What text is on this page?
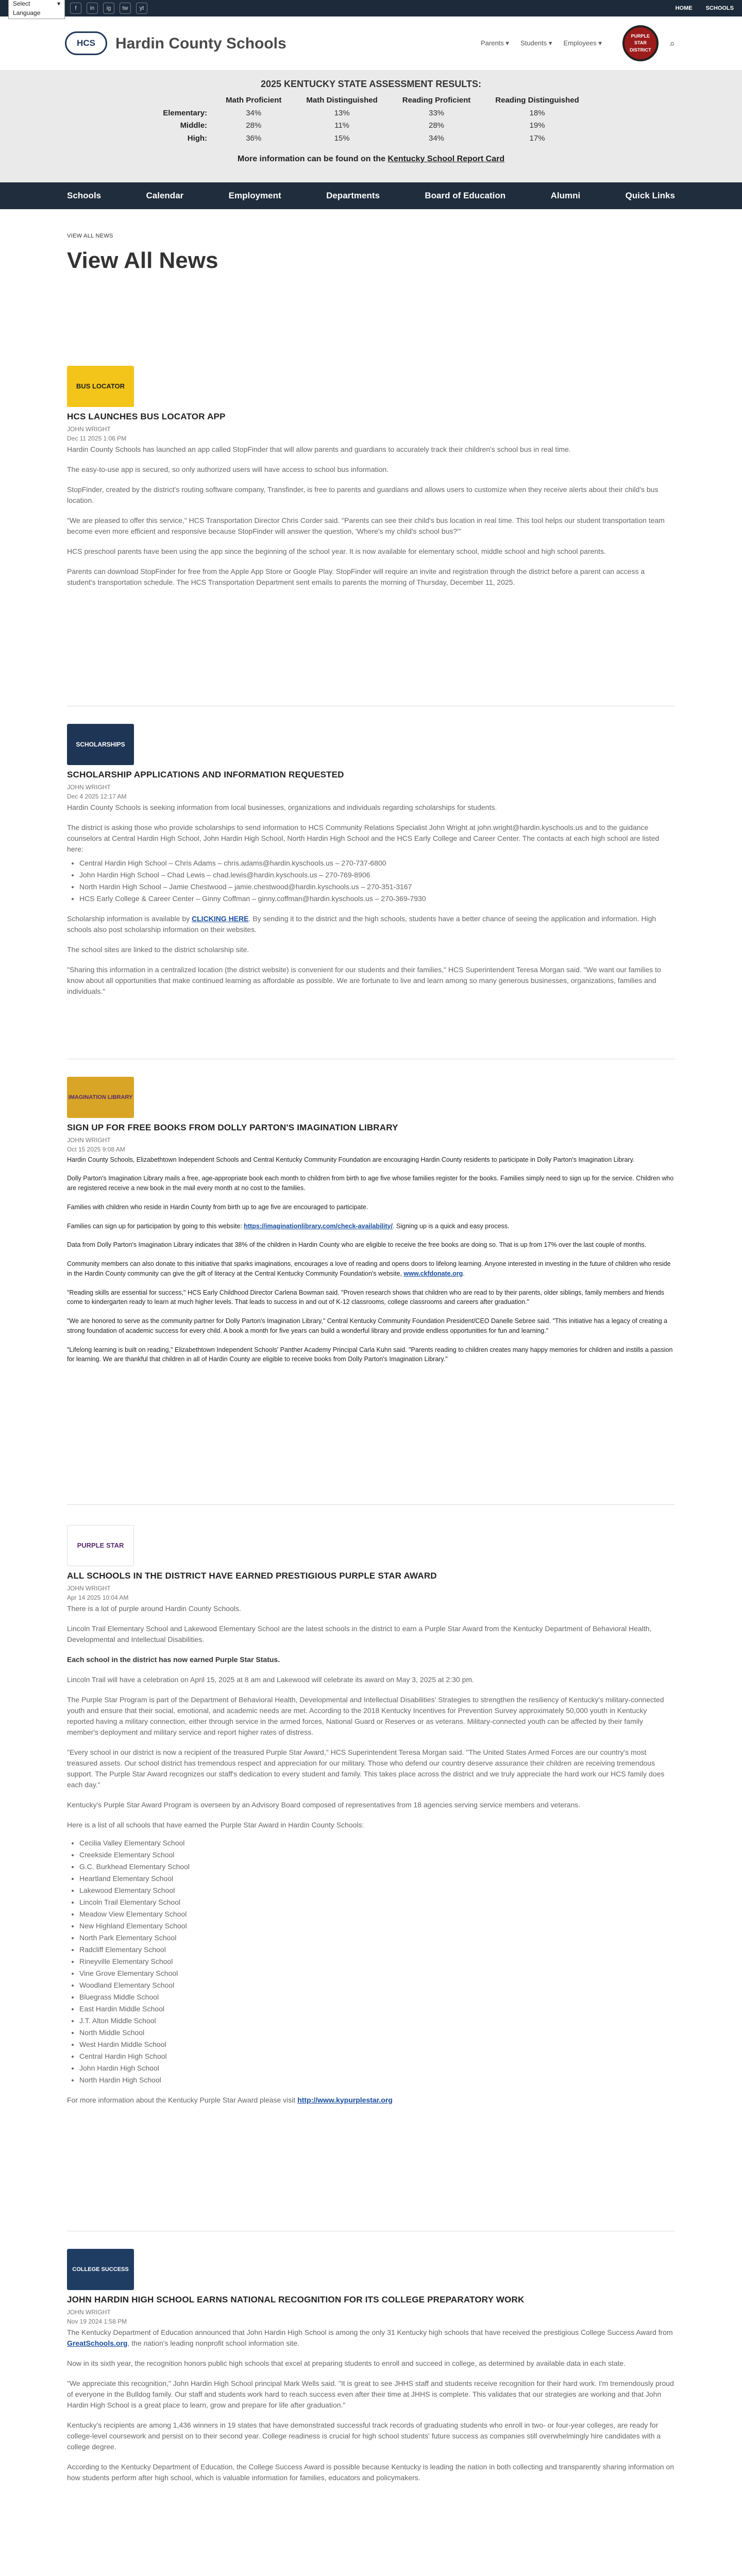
Select Language
▾
f	in	ig	tw	yt	HOME SCHOOLS
HCS	Hardin County Schools	Parents ▾ Students ▾ Employees ▾
PURPLE STAR DISTRICT
⌕
2025 KENTUCKY STATE ASSESSMENT RESULTS:
	Math Proficient	Math Distinguished	Reading Proficient	Reading Distinguished
Elementary:	34%	13%	33%	18%
Middle:	28%	11%	28%	19%
High:	36%	15%	34%	17%
More information can be found on the Kentucky School Report Card
Schools	Calendar	Employment	Departments	Board of Education	Alumni	Quick Links
VIEW ALL NEWS
View All News
BUS LOCATOR
HCS LAUNCHES BUS LOCATOR APP
JOHN WRIGHT
Dec 11 2025 1:06 PM

Hardin County Schools has launched an app called StopFinder that will allow parents and guardians to accurately track their children's school bus in real time.

The easy-to-use app is secured, so only authorized users will have access to school bus information.

StopFinder, created by the district's routing software company, Transfinder, is free to parents and guardians and allows users to customize when they receive alerts about their child's bus location.

"We are pleased to offer this service," HCS Transportation Director Chris Corder said. "Parents can see their child's bus location in real time. This tool helps our student transportation team become even more efficient and responsive because StopFinder will answer the question, 'Where's my child's school bus?'"

HCS preschool parents have been using the app since the beginning of the school year. It is now available for elementary school, middle school and high school parents.

Parents can download StopFinder for free from the Apple App Store or Google Play. StopFinder will require an invite and registration through the district before a parent can access a student's transportation schedule. The HCS Transportation Department sent emails to parents the morning of Thursday, December 11, 2025.

SCHOLARSHIPS
SCHOLARSHIP APPLICATIONS AND INFORMATION REQUESTED
JOHN WRIGHT
Dec 4 2025 12:17 AM

Hardin County Schools is seeking information from local businesses, organizations and individuals regarding scholarships for students.

The district is asking those who provide scholarships to send information to HCS Community Relations Specialist John Wright at john.wright@hardin.kyschools.us and to the guidance counselors at Central Hardin High School, John Hardin High School, North Hardin High School and the HCS Early College and Career Center. The contacts at each high school are listed here:

• Central Hardin High School – Chris Adams – chris.adams@hardin.kyschools.us – 270-737-6800
• John Hardin High School – Chad Lewis – chad.lewis@hardin.kyschools.us – 270-769-8906
• North Hardin High School – Jamie Chestwood – jamie.chestwood@hardin.kyschools.us – 270-351-3167
• HCS Early College & Career Center – Ginny Coffman – ginny.coffman@hardin.kyschools.us – 270-369-7930

Scholarship information is available by CLICKING HERE. By sending it to the district and the high schools, students have a better chance of seeing the application and information. High schools also post scholarship information on their websites.

The school sites are linked to the district scholarship site.

"Sharing this information in a centralized location (the district website) is convenient for our students and their families," HCS Superintendent Teresa Morgan said. "We want our families to know about all opportunities that make continued learning as affordable as possible. We are fortunate to live and learn among so many generous businesses, organizations, families and individuals."

IMAGINATION LIBRARY
SIGN UP FOR FREE BOOKS FROM DOLLY PARTON'S IMAGINATION LIBRARY
JOHN WRIGHT
Oct 15 2025 9:08 AM

Hardin County Schools, Elizabethtown Independent Schools and Central Kentucky Community Foundation are encouraging Hardin County residents to participate in Dolly Parton's Imagination Library.

Dolly Parton's Imagination Library mails a free, age-appropriate book each month to children from birth to age five whose families register for the books. Families simply need to sign up for the service. Children who are registered receive a new book in the mail every month at no cost to the families.

Families with children who reside in Hardin County from birth up to age five are encouraged to participate.

Families can sign up for participation by going to this website: https://imaginationlibrary.com/check-availability/. Signing up is a quick and easy process.

Data from Dolly Parton's Imagination Library indicates that 38% of the children in Hardin County who are eligible to receive the free books are doing so. That is up from 17% over the last couple of months.

Community members can also donate to this initiative that sparks imaginations, encourages a love of reading and opens doors to lifelong learning. Anyone interested in investing in the future of children who reside in the Hardin County community can give the gift of literacy at the Central Kentucky Community Foundation's website, www.ckfdonate.org.

"Reading skills are essential for success," HCS Early Childhood Director Carlena Bowman said. "Proven research shows that children who are read to by their parents, older siblings, family members and friends come to kindergarten ready to learn at much higher levels. That leads to success in and out of K-12 classrooms, college classrooms and careers after graduation."

"We are honored to serve as the community partner for Dolly Parton's Imagination Library," Central Kentucky Community Foundation President/CEO Danelle Sebree said. "This initiative has a legacy of creating a strong foundation of academic success for every child. A book a month for five years can build a wonderful library and provide endless opportunities for fun and learning."

"Lifelong learning is built on reading," Elizabethtown Independent Schools' Panther Academy Principal Carla Kuhn said. "Parents reading to children creates many happy memories for children and instills a passion for learning. We are thankful that children in all of Hardin County are eligible to receive books from Dolly Parton's Imagination Library."

PURPLE STAR
ALL SCHOOLS IN THE DISTRICT HAVE EARNED PRESTIGIOUS PURPLE STAR AWARD
JOHN WRIGHT
Apr 14 2025 10:04 AM

There is a lot of purple around Hardin County Schools.

Lincoln Trail Elementary School and Lakewood Elementary School are the latest schools in the district to earn a Purple Star Award from the Kentucky Department of Behavioral Health, Developmental and Intellectual Disabilities.

Each school in the district has now earned Purple Star Status.

Lincoln Trail will have a celebration on April 15, 2025 at 8 am and Lakewood will celebrate its award on May 3, 2025 at 2:30 pm.

The Purple Star Program is part of the Department of Behavioral Health, Developmental and Intellectual Disabilities' Strategies to strengthen the resiliency of Kentucky's military-connected youth and ensure that their social, emotional, and academic needs are met. According to the 2018 Kentucky Incentives for Prevention Survey approximately 50,000 youth in Kentucky reported having a military connection, either through service in the armed forces, National Guard or Reserves or as veterans. Military-connected youth can be affected by their family member's deployment and military service and report higher rates of distress.

"Every school in our district is now a recipient of the treasured Purple Star Award," HCS Superintendent Teresa Morgan said. "The United States Armed Forces are our country's most treasured assets. Our school district has tremendous respect and appreciation for our military. Those who defend our country deserve assurance their children are receiving tremendous support. The Purple Star Award recognizes our staff's dedication to every student and family. This takes place across the district and we truly appreciate the hard work our HCS family does each day."

Kentucky's Purple Star Award Program is overseen by an Advisory Board composed of representatives from 18 agencies serving service members and veterans.

Here is a list of all schools that have earned the Purple Star Award in Hardin County Schools:

• Cecilia Valley Elementary School
• Creekside Elementary School
• G.C. Burkhead Elementary School
• Heartland Elementary School
• Lakewood Elementary School
• Lincoln Trail Elementary School
• Meadow View Elementary School
• New Highland Elementary School
• North Park Elementary School
• Radcliff Elementary School
• Rineyville Elementary School
• Vine Grove Elementary School
• Woodland Elementary School
• Bluegrass Middle School
• East Hardin Middle School
• J.T. Alton Middle School
• North Middle School
• West Hardin Middle School
• Central Hardin High School
• John Hardin High School
• North Hardin High School

For more information about the Kentucky Purple Star Award please visit http://www.kypurplestar.org

COLLEGE SUCCESS
JOHN HARDIN HIGH SCHOOL EARNS NATIONAL RECOGNITION FOR ITS COLLEGE PREPARATORY WORK
JOHN WRIGHT
Nov 19 2024 1:58 PM

The Kentucky Department of Education announced that John Hardin High School is among the only 31 Kentucky high schools that have received the prestigious College Success Award from GreatSchools.org, the nation's leading nonprofit school information site.

Now in its sixth year, the recognition honors public high schools that excel at preparing students to enroll and succeed in college, as determined by available data in each state.

"We appreciate this recognition," John Hardin High School principal Mark Wells said. "It is great to see JHHS staff and students receive recognition for their hard work. I'm tremendously proud of everyone in the Bulldog family. Our staff and students work hard to reach success even after their time at JHHS is complete. This validates that our strategies are working and that John Hardin High School is a great place to learn, grow and prepare for life after graduation."

Kentucky's recipients are among 1,436 winners in 19 states that have demonstrated successful track records of graduating students who enroll in two- or four-year colleges, are ready for college-level coursework and persist on to their second year. College readiness is crucial for high school students' future success as companies still overwhelmingly hire candidates with a college degree.

According to the Kentucky Department of Education, the College Success Award is possible because Kentucky is leading the nation in both collecting and transparently sharing information on how students perform after high school, which is valuable information for families, educators and policymakers.
